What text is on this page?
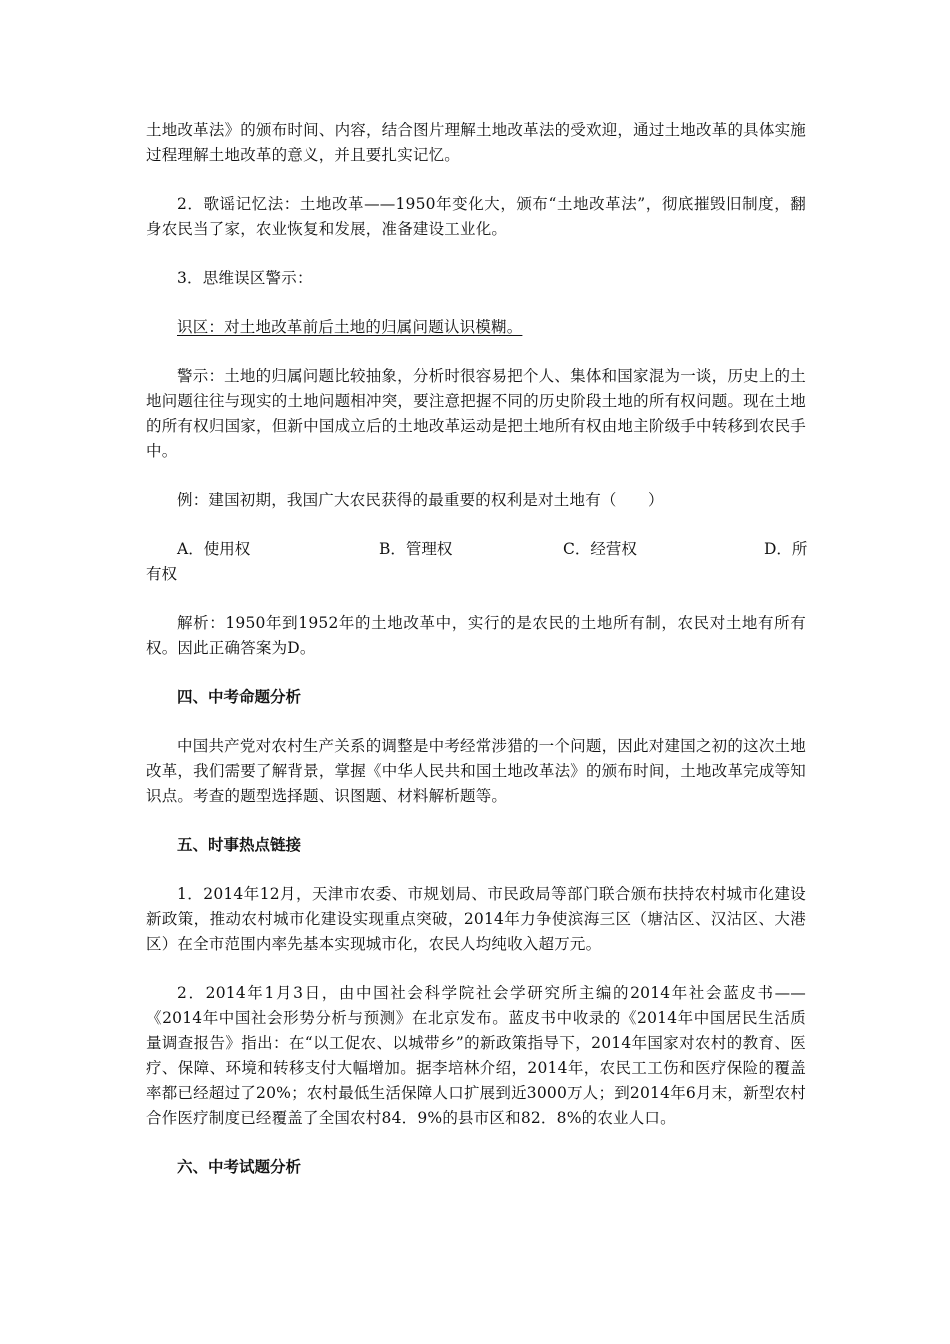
土地改革法》的颁布时间、内容，结合图片理解土地改革法的受欢迎，通过土地改革的具体实施过程理解土地改革的意义，并且要扎实记忆。

2．歌谣记忆法：土地改革——1950年变化大，颁布“土地改革法”，彻底摧毁旧制度，翻身农民当了家，农业恢复和发展，准备建设工业化。

3．思维误区警示：

识区：对土地改革前后土地的归属问题认识模糊。

警示：土地的归属问题比较抽象，分析时很容易把个人、集体和国家混为一谈，历史上的土地问题往往与现实的土地问题相冲突，要注意把握不同的历史阶段土地的所有权问题。现在土地的所有权归国家，但新中国成立后的土地改革运动是把土地所有权由地主阶级手中转移到农民手中。

例：建国初期，我国广大农民获得的最重要的权利是对土地有（　　）

A．使用权	B．管理权	C．经营权	D．所
有权

解析：1950年到1952年的土地改革中，实行的是农民的土地所有制，农民对土地有所有权。因此正确答案为D。

四、中考命题分析

中国共产党对农村生产关系的调整是中考经常涉猎的一个问题，因此对建国之初的这次土地改革，我们需要了解背景，掌握《中华人民共和国土地改革法》的颁布时间，土地改革完成等知识点。考查的题型选择题、识图题、材料解析题等。

五、时事热点链接

1．2014年12月，天津市农委、市规划局、市民政局等部门联合颁布扶持农村城市化建设新政策，推动农村城市化建设实现重点突破，2014年力争使滨海三区（塘沽区、汉沽区、大港区）在全市范围内率先基本实现城市化，农民人均纯收入超万元。

2．2014年1月3日，由中国社会科学院社会学研究所主编的2014年社会蓝皮书——《2014年中国社会形势分析与预测》在北京发布。蓝皮书中收录的《2014年中国居民生活质量调查报告》指出：在“以工促农、以城带乡”的新政策指导下，2014年国家对农村的教育、医疗、保障、环境和转移支付大幅增加。据李培林介绍，2014年，农民工工伤和医疗保险的覆盖率都已经超过了20%；农村最低生活保障人口扩展到近3000万人；到2014年6月末，新型农村合作医疗制度已经覆盖了全国农村84．9%的县市区和82．8%的农业人口。

六、中考试题分析
